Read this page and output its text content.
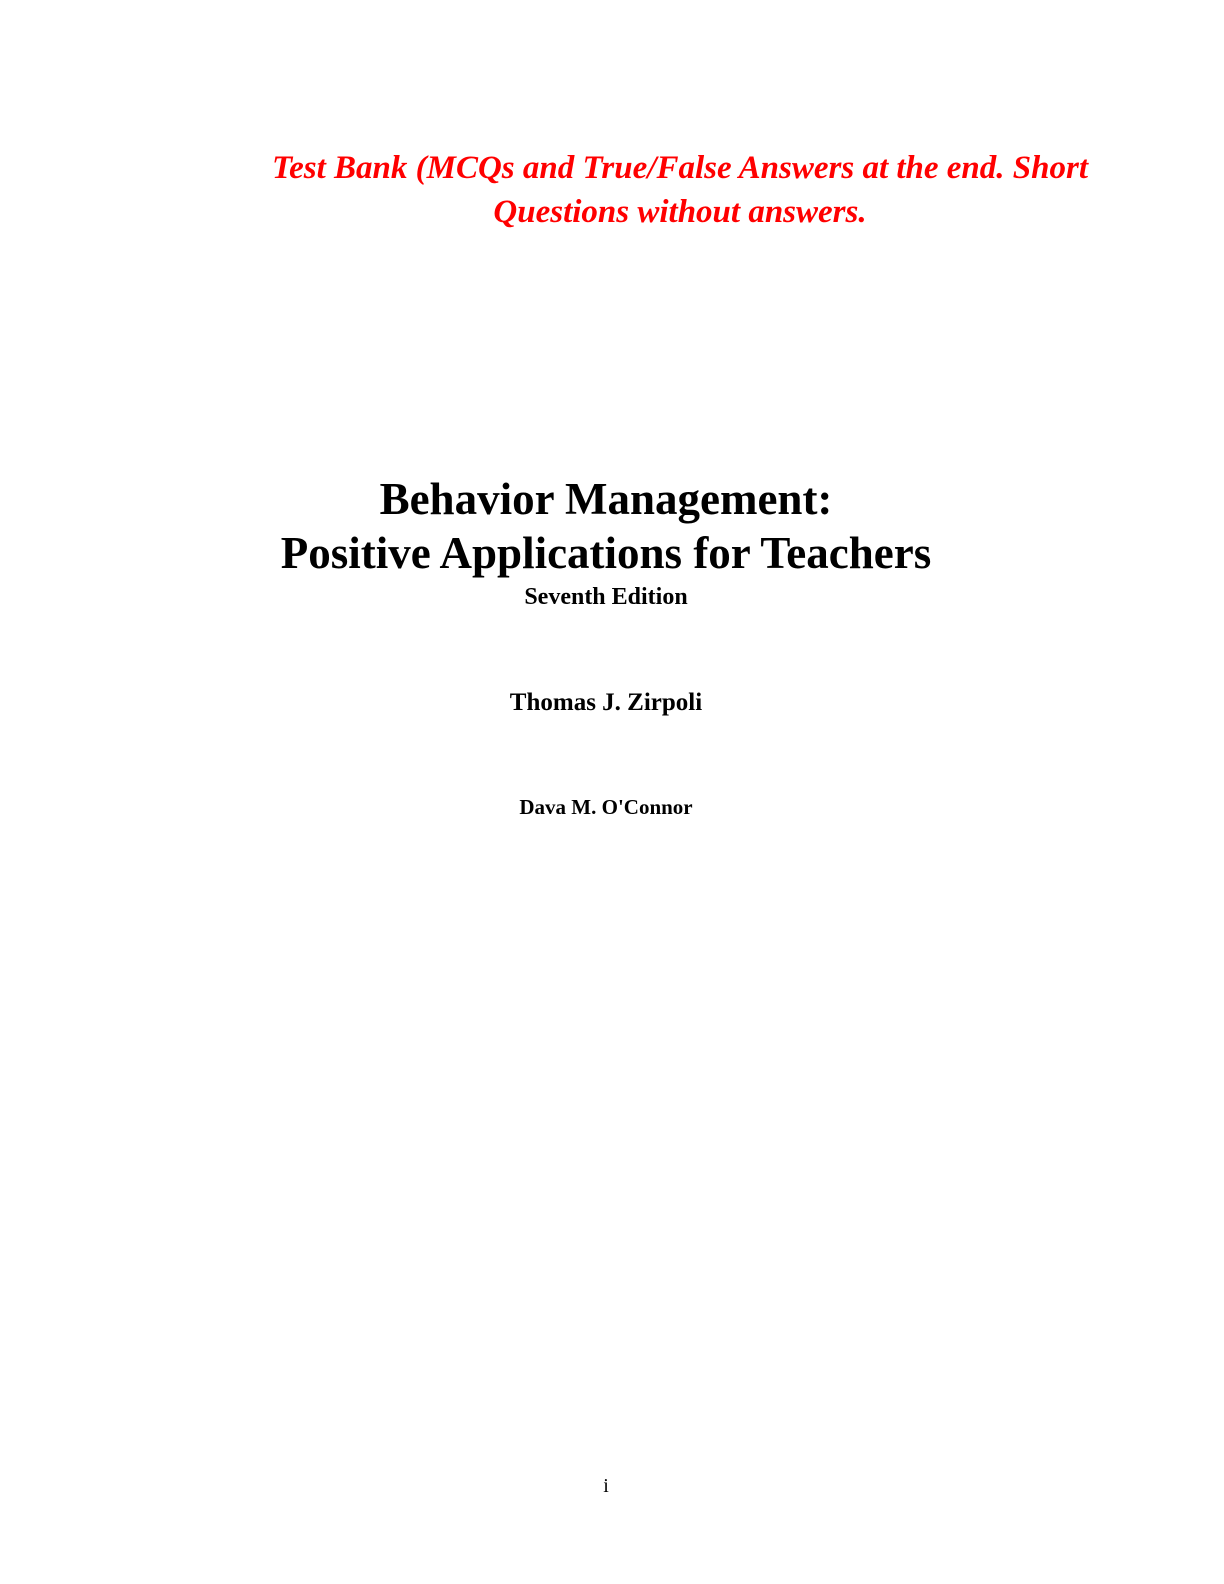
Test Bank (MCQs and True/False Answers at the end. Short
Questions without answers.
Behavior Management:
Positive Applications for Teachers
Seventh Edition
Thomas J. Zirpoli
Dava M. O'Connor
i
